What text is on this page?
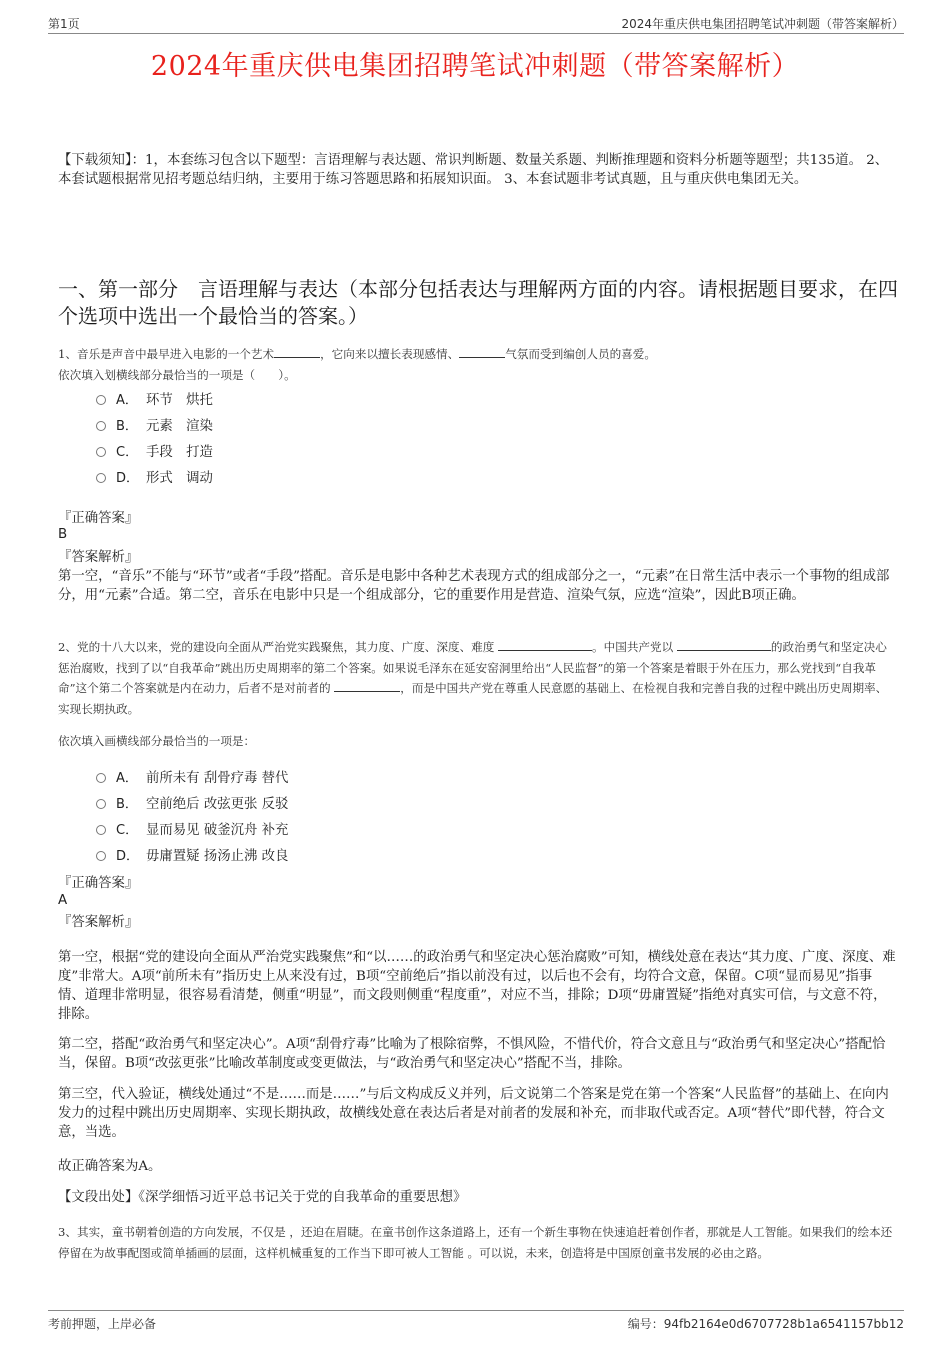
第1页	2024年重庆供电集团招聘笔试冲刺题（带答案解析）
2024年重庆供电集团招聘笔试冲刺题（带答案解析）
【下载须知】：1，本套练习包含以下题型：言语理解与表达题、常识判断题、数量关系题、判断推理题和资料分析题等题型；共135道。 2、本套试题根据常见招考题总结归纳，主要用于练习答题思路和拓展知识面。 3、本套试题非考试真题，且与重庆供电集团无关。
一、第一部分　言语理解与表达（本部分包括表达与理解两方面的内容。请根据题目要求，在四个选项中选出一个最恰当的答案。）
1、音乐是声音中最早进入电影的一个艺术	，它向来以擅长表现感情、	气氛而受到编创人员的喜爱。
依次填入划横线部分最恰当的一项是（　　）。
A． 环节　烘托
B． 元素　渲染
C． 手段　打造
D． 形式　调动
『正确答案』
B
『答案解析』
第一空，“音乐”不能与“环节”或者“手段”搭配。音乐是电影中各种艺术表现方式的组成部分之一，“元素”在日常生活中表示一个事物的组成部分，用“元素”合适。第二空，音乐在电影中只是一个组成部分，它的重要作用是营造、渲染气氛，应选“渲染”，因此B项正确。
2、党的十八大以来，党的建设向全面从严治党实践聚焦，其力度、广度、深度、难度	。中国共产党以	的政治勇气和坚定决心惩治腐败，找到了以“自我革命”跳出历史周期率的第二个答案。如果说毛泽东在延安窑洞里给出“人民监督”的第一个答案是着眼于外在压力，那么党找到“自我革命”这个第二个答案就是内在动力，后者不是对前者的	，而是中国共产党在尊重人民意愿的基础上、在检视自我和完善自我的过程中跳出历史周期率、实现长期执政。
依次填入画横线部分最恰当的一项是：
A． 前所未有 刮骨疗毒 替代
B． 空前绝后 改弦更张 反驳
C． 显而易见 破釜沉舟 补充
D． 毋庸置疑 扬汤止沸 改良
『正确答案』
A
『答案解析』
第一空，根据“党的建设向全面从严治党实践聚焦”和“以……的政治勇气和坚定决心惩治腐败”可知，横线处意在表达“其力度、广度、深度、难度”非常大。A项“前所未有”指历史上从来没有过，B项“空前绝后”指以前没有过，以后也不会有，均符合文意，保留。C项“显而易见”指事情、道理非常明显，很容易看清楚，侧重“明显”，而文段则侧重“程度重”，对应不当，排除；D项“毋庸置疑”指绝对真实可信，与文意不符，排除。
第二空，搭配“政治勇气和坚定决心”。A项“刮骨疗毒”比喻为了根除宿弊，不惧风险，不惜代价，符合文意且与“政治勇气和坚定决心”搭配恰当，保留。B项“改弦更张”比喻改革制度或变更做法，与“政治勇气和坚定决心”搭配不当，排除。
第三空，代入验证，横线处通过“不是……而是……”与后文构成反义并列，后文说第二个答案是党在第一个答案“人民监督”的基础上、在向内发力的过程中跳出历史周期率、实现长期执政，故横线处意在表达后者是对前者的发展和补充，而非取代或否定。A项“替代”即代替，符合文意，当选。
故正确答案为A。
【文段出处】《深学细悟习近平总书记关于党的自我革命的重要思想》
3、其实，童书朝着创造的方向发展，不仅是 ，还迫在眉睫。在童书创作这条道路上，还有一个新生事物在快速追赶着创作者，那就是人工智能。如果我们的绘本还停留在为故事配图或简单插画的层面，这样机械重复的工作当下即可被人工智能 。可以说，未来，创造将是中国原创童书发展的必由之路。
考前押题，上岸必备	编号：94fb2164e0d6707728b1a6541157bb12
